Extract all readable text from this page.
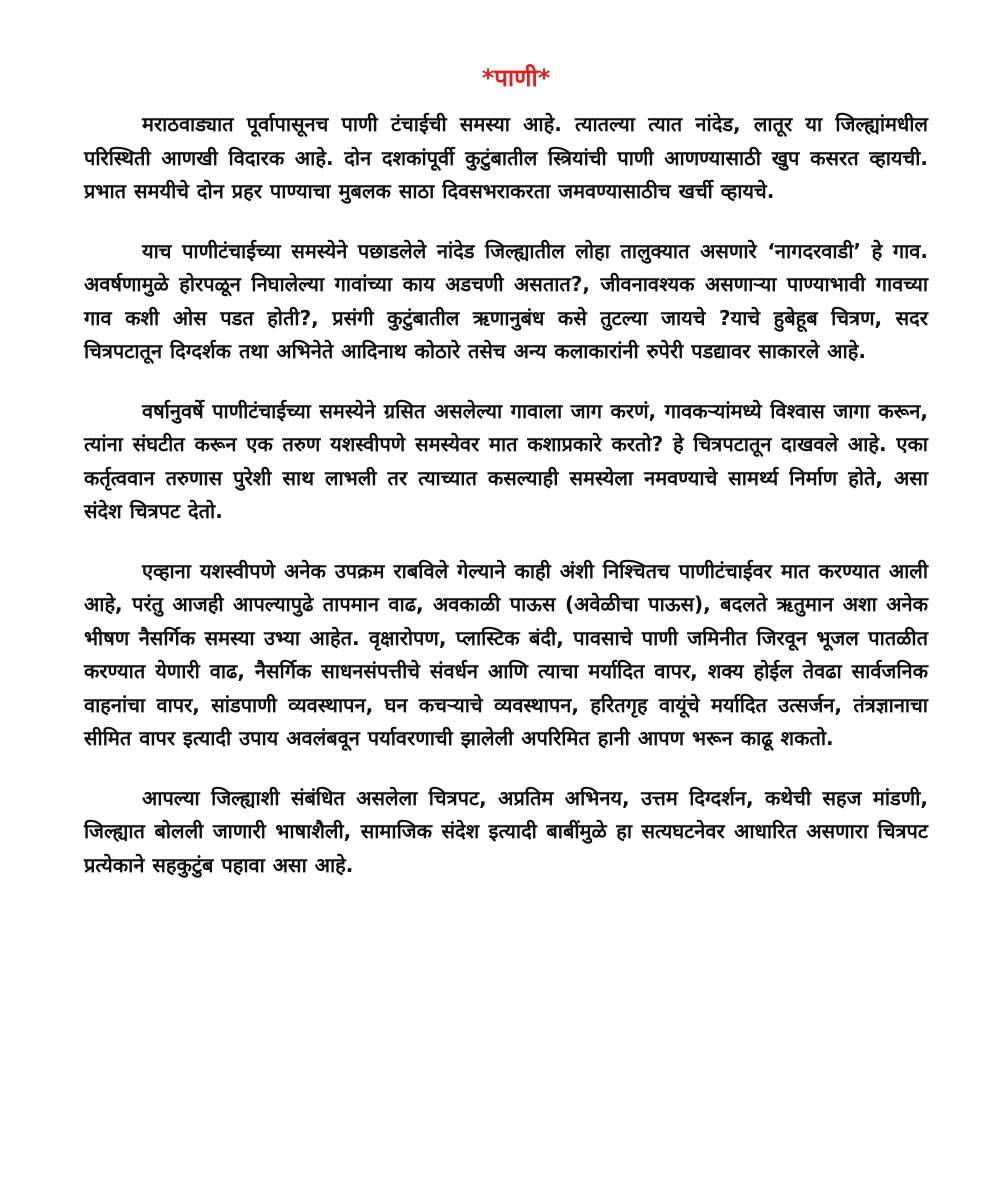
*पाणी*

मराठवाड्यात पूर्वापासूनच पाणी टंचाईची समस्या आहे. त्यातल्या त्यात नांदेड, लातूर या जिल्ह्यांमधील परिस्थिती आणखी विदारक आहे. दोन दशकांपूर्वी कुटुंबातील स्त्रियांची पाणी आणण्यासाठी खुप कसरत व्हायची. प्रभात समयीचे दोन प्रहर पाण्याचा मुबलक साठा दिवसभराकरता जमवण्यासाठीच खर्ची व्हायचे.

याच पाणीटंचाईच्या समस्येने पछाडलेले नांदेड जिल्ह्यातील लोहा तालुक्यात असणारे ‘नागदरवाडी’ हे गाव. अवर्षणामुळे होरपळून निघालेल्या गावांच्या काय अडचणी असतात?, जीवनावश्यक असणाऱ्या पाण्याभावी गावच्या गाव कशी ओस पडत होती?, प्रसंगी कुटुंबातील ऋणानुबंध कसे तुटल्या जायचे ?याचे हुबेहूब चित्रण, सदर चित्रपटातून दिग्दर्शक तथा अभिनेते आदिनाथ कोठारे तसेच अन्य कलाकारांनी रुपेरी पडद्यावर साकारले आहे.

वर्षानुवर्षे पाणीटंचाईच्या समस्येने ग्रसित असलेल्या गावाला जाग करणं, गावकऱ्यांमध्ये विश्वास जागा करून, त्यांना संघटीत करून एक तरुण यशस्वीपणे समस्येवर मात कशाप्रकारे करतो? हे चित्रपटातून दाखवले आहे. एका कर्तृत्ववान तरुणास पुरेशी साथ लाभली तर त्याच्यात कसल्याही समस्येला नमवण्याचे सामर्थ्य निर्माण होते, असा संदेश चित्रपट देतो.

एव्हाना यशस्वीपणे अनेक उपक्रम राबविले गेल्याने काही अंशी निश्चितच पाणीटंचाईवर मात करण्यात आली आहे, परंतु आजही आपल्यापुढे तापमान वाढ, अवकाळी पाऊस (अवेळीचा पाऊस), बदलते ऋतुमान अशा अनेक भीषण नैसर्गिक समस्या उभ्या आहेत. वृक्षारोपण, प्लास्टिक बंदी, पावसाचे पाणी जमिनीत जिरवून भूजल पातळीत करण्यात येणारी वाढ, नैसर्गिक साधनसंपत्तीचे संवर्धन आणि त्याचा मर्यादित वापर, शक्य होईल तेवढा सार्वजनिक वाहनांचा वापर, सांडपाणी व्यवस्थापन, घन कचऱ्याचे व्यवस्थापन, हरितगृह वायूंचे मर्यादित उत्सर्जन, तंत्रज्ञानाचा सीमित वापर इत्यादी उपाय अवलंबवून पर्यावरणाची झालेली अपरिमित हानी आपण भरून काढू शकतो.

आपल्या जिल्ह्याशी संबंधित असलेला चित्रपट, अप्रतिम अभिनय, उत्तम दिग्दर्शन, कथेची सहज मांडणी, जिल्ह्यात बोलली जाणारी भाषाशैली, सामाजिक संदेश इत्यादी बाबींमुळे हा सत्यघटनेवर आधारित असणारा चित्रपट प्रत्येकाने सहकुटुंब पहावा असा आहे.
